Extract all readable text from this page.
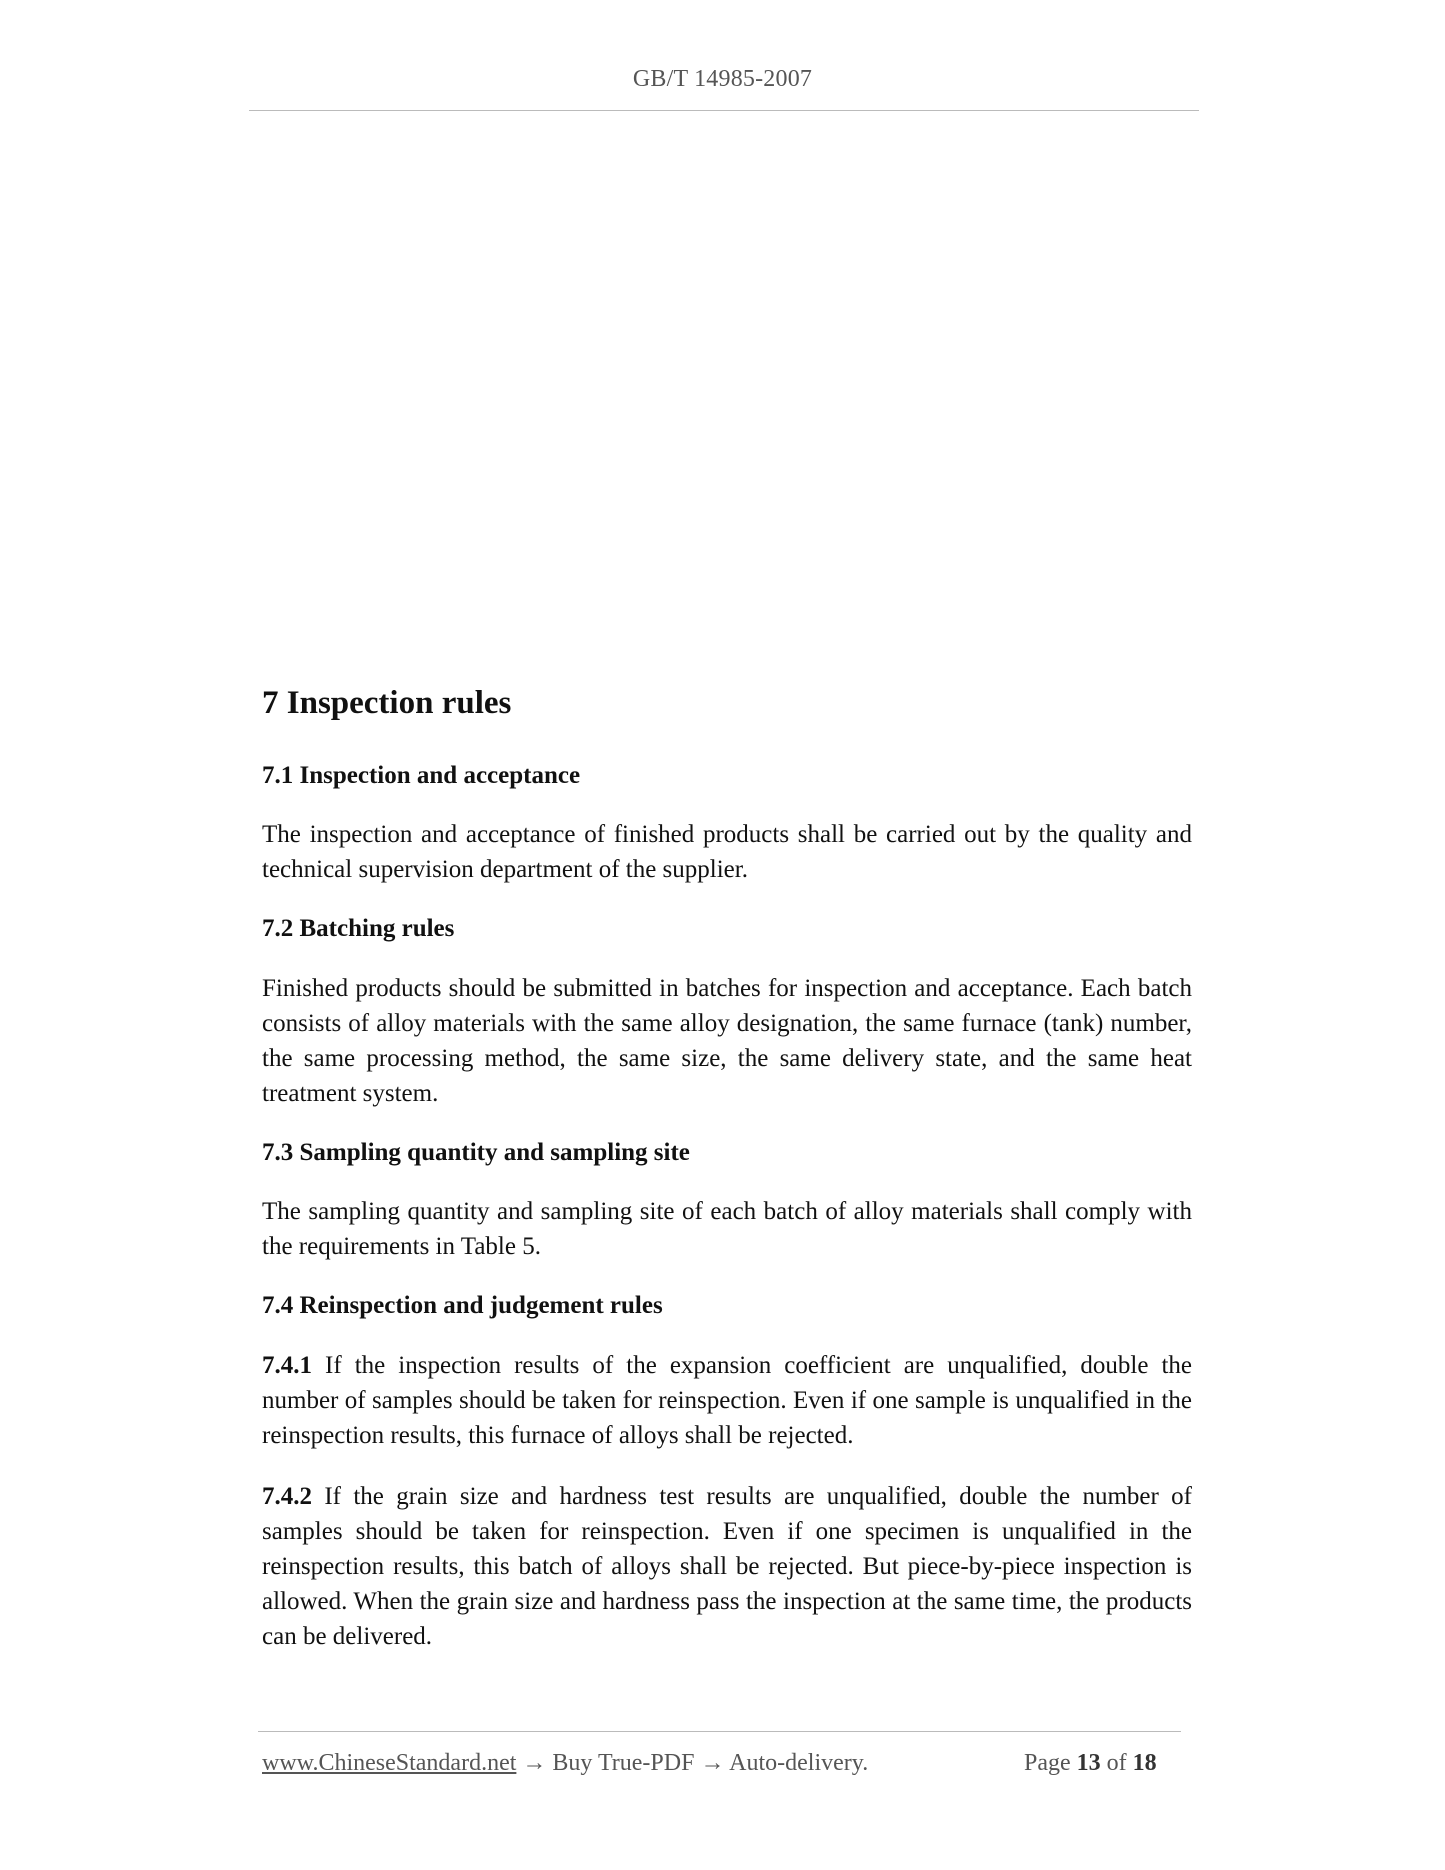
GB/T 14985-2007
7 Inspection rules
7.1 Inspection and acceptance

The inspection and acceptance of finished products shall be carried out by the quality and technical supervision department of the supplier.

7.2 Batching rules

Finished products should be submitted in batches for inspection and acceptance. Each batch consists of alloy materials with the same alloy designation, the same furnace (tank) number, the same processing method, the same size, the same delivery state, and the same heat treatment system.

7.3 Sampling quantity and sampling site

The sampling quantity and sampling site of each batch of alloy materials shall comply with the requirements in Table 5.

7.4 Reinspection and judgement rules

7.4.1 If the inspection results of the expansion coefficient are unqualified, double the number of samples should be taken for reinspection. Even if one sample is unqualified in the reinspection results, this furnace of alloys shall be rejected.

7.4.2 If the grain size and hardness test results are unqualified, double the number of samples should be taken for reinspection. Even if one specimen is unqualified in the reinspection results, this batch of alloys shall be rejected. But piece-by-piece inspection is allowed. When the grain size and hardness pass the inspection at the same time, the products can be delivered.

www.ChineseStandard.net → Buy True-PDF → Auto-delivery.	Page 13 of 18
